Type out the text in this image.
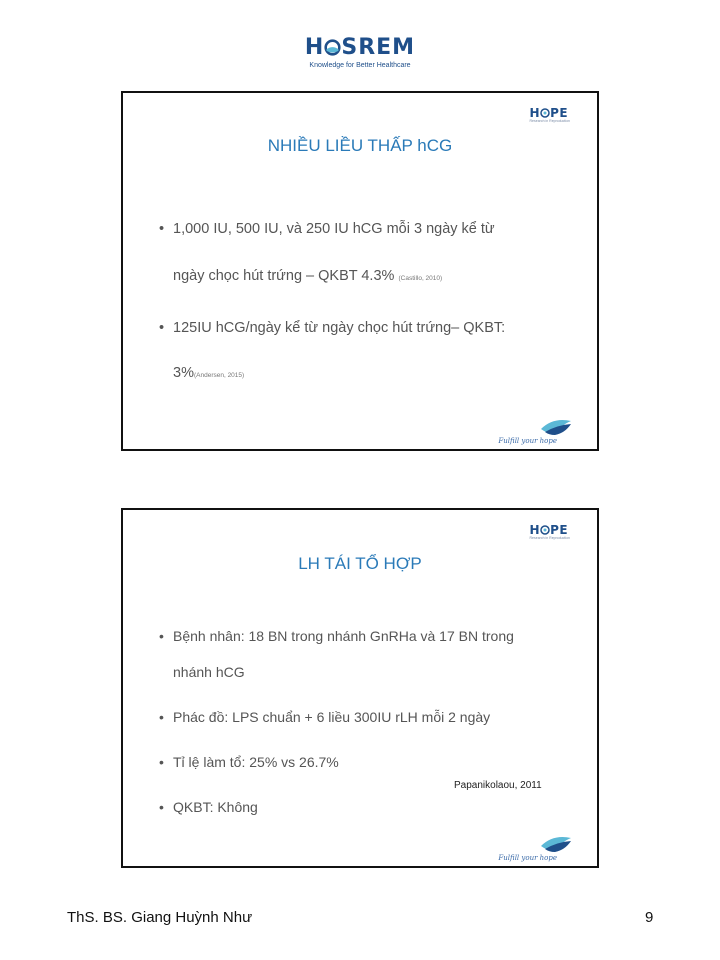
H SREM
Knowledge for Better Healthcare
H PE
Research in Reproduction
NHIỀU LIỀU THẤP hCG
• 1,000 IU, 500 IU, và 250 IU hCG mỗi 3 ngày kể từ
ngày chọc hút trứng – QKBT 4.3% (Castillo, 2010)
• 125IU hCG/ngày kể từ ngày chọc hút trứng– QKBT:
3%(Andersen, 2015)
Fulfill your hope
H PE
Research in Reproduction
LH TÁI TỔ HỢP
• Bệnh nhân: 18 BN trong nhánh GnRHa và 17 BN trong
nhánh hCG
• Phác đồ: LPS chuẩn + 6 liều 300IU rLH mỗi 2 ngày
• Tỉ lệ làm tổ: 25% vs 26.7%
• QKBT: Không
Papanikolaou, 2011
Fulfill your hope
ThS. BS. Giang Huỳnh Như	9
